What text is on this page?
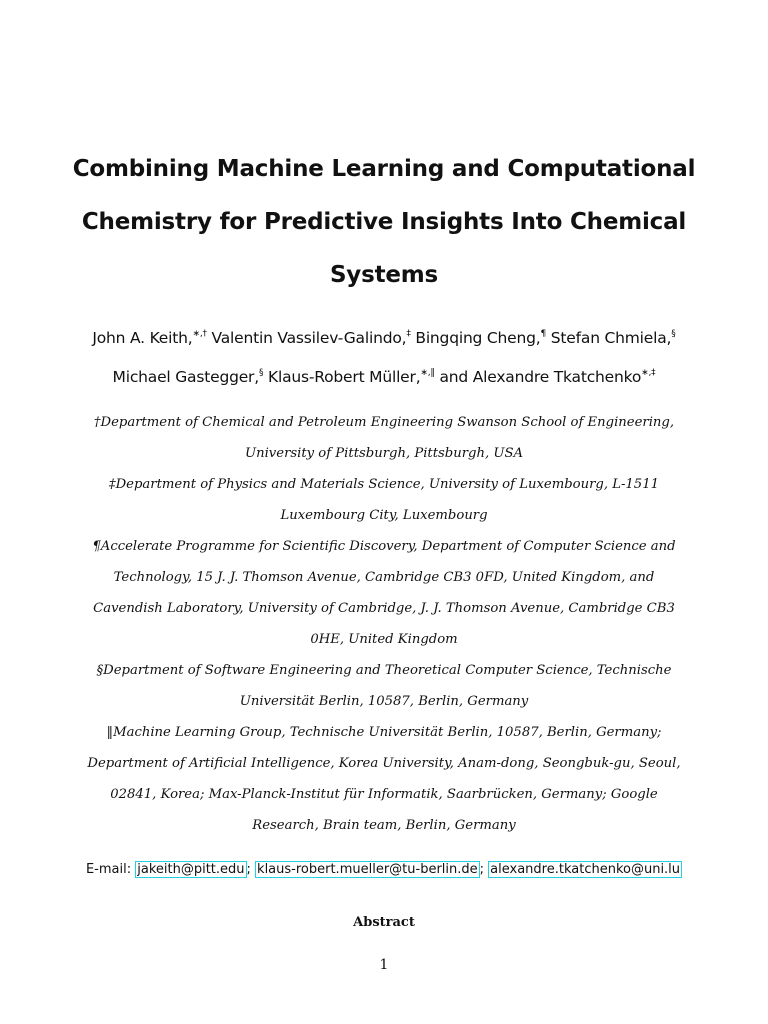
Combining Machine Learning and Computational
Chemistry for Predictive Insights Into Chemical
Systems
John A. Keith,∗,† Valentin Vassilev-Galindo,‡ Bingqing Cheng,¶ Stefan Chmiela,§
Michael Gastegger,§ Klaus-Robert Müller,∗,‖ and Alexandre Tkatchenko∗,‡
†Department of Chemical and Petroleum Engineering Swanson School of Engineering,
University of Pittsburgh, Pittsburgh, USA
‡Department of Physics and Materials Science, University of Luxembourg, L-1511
Luxembourg City, Luxembourg
¶Accelerate Programme for Scientific Discovery, Department of Computer Science and
Technology, 15 J. J. Thomson Avenue, Cambridge CB3 0FD, United Kingdom, and
Cavendish Laboratory, University of Cambridge, J. J. Thomson Avenue, Cambridge CB3
0HE, United Kingdom
§Department of Software Engineering and Theoretical Computer Science, Technische
Universität Berlin, 10587, Berlin, Germany
‖Machine Learning Group, Technische Universität Berlin, 10587, Berlin, Germany;
Department of Artificial Intelligence, Korea University, Anam-dong, Seongbuk-gu, Seoul,
02841, Korea; Max-Planck-Institut für Informatik, Saarbrücken, Germany; Google
Research, Brain team, Berlin, Germany
E-mail: jakeith@pitt.edu ; klaus-robert.mueller@tu-berlin.de ; alexandre.tkatchenko@uni.lu
Abstract
1
